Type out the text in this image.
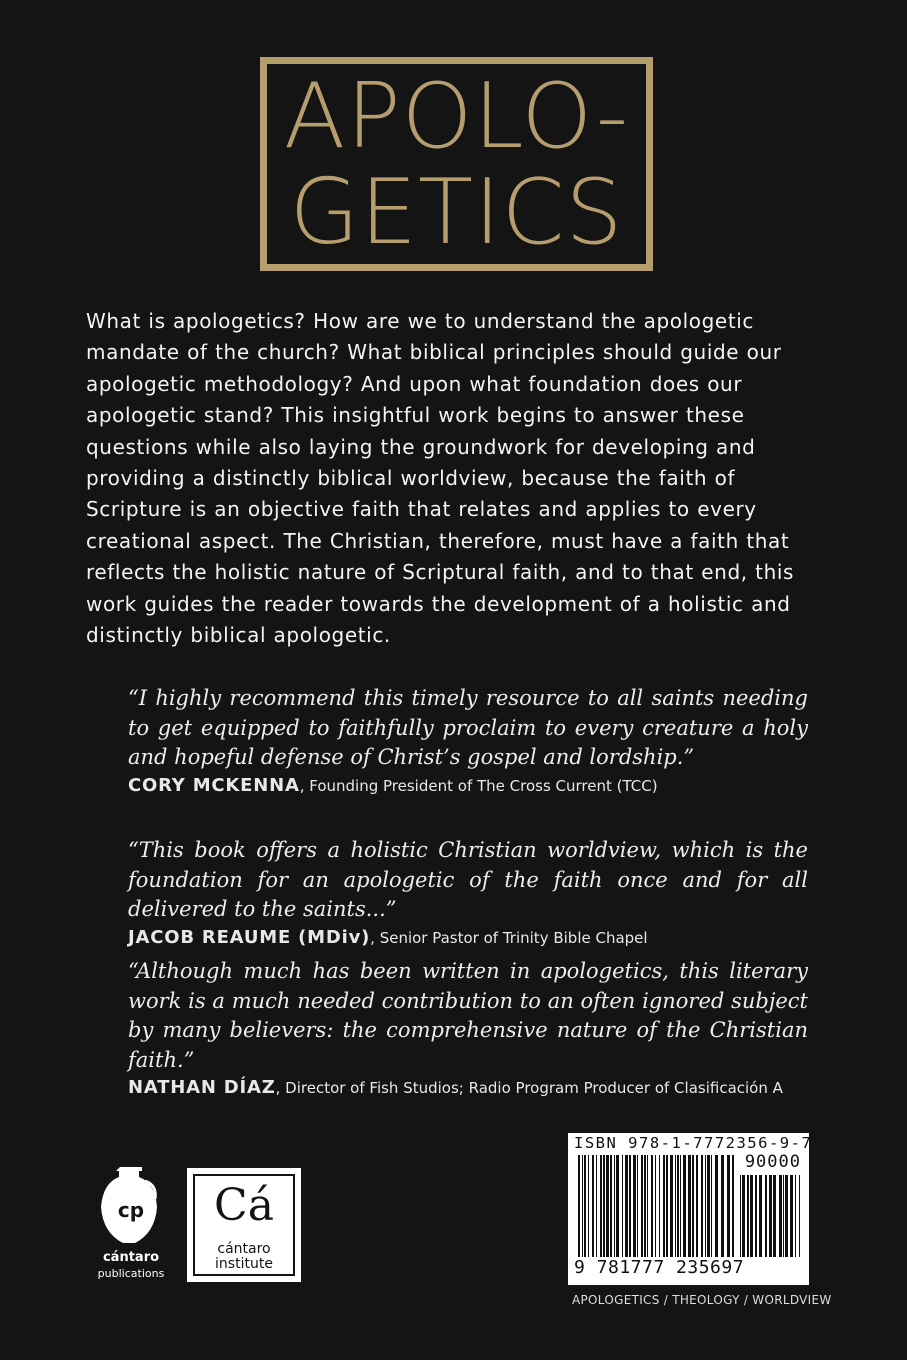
APOLO-
GETICS

What is apologetics? How are we to understand the apologetic mandate of the church? What biblical principles should guide our apologetic methodology? And upon what foundation does our apologetic stand? This insightful work begins to answer these questions while also laying the groundwork for developing and providing a distinctly biblical worldview, because the faith of Scripture is an objective faith that relates and applies to every creational aspect. The Christian, therefore, must have a faith that reflects the holistic nature of Scriptural faith, and to that end, this work guides the reader towards the development of a holistic and distinctly biblical apologetic.

“I highly recommend this timely resource to all saints needing to get equipped to faithfully proclaim to every creature a holy and hopeful defense of Christ’s gospel and lordship.”

CORY MCKENNA, Founding President of The Cross Current (TCC)

“This book offers a holistic Christian worldview, which is the foundation for an apologetic of the faith once and for all delivered to the saints...”

JACOB REAUME (MDiv), Senior Pastor of Trinity Bible Chapel

“Although much has been written in apologetics, this literary work is a much needed contribution to an often ignored subject by many believers: the comprehensive nature of the Christian faith.”

NATHAN DÍAZ, Director of Fish Studios; Radio Program Producer of Clasificación A

cp
cántaro
publications
Cá
cántaro
institute
ISBN 978-1-7772356-9-7
90000
9 781777 235697
APOLOGETICS / THEOLOGY / WORLDVIEW
